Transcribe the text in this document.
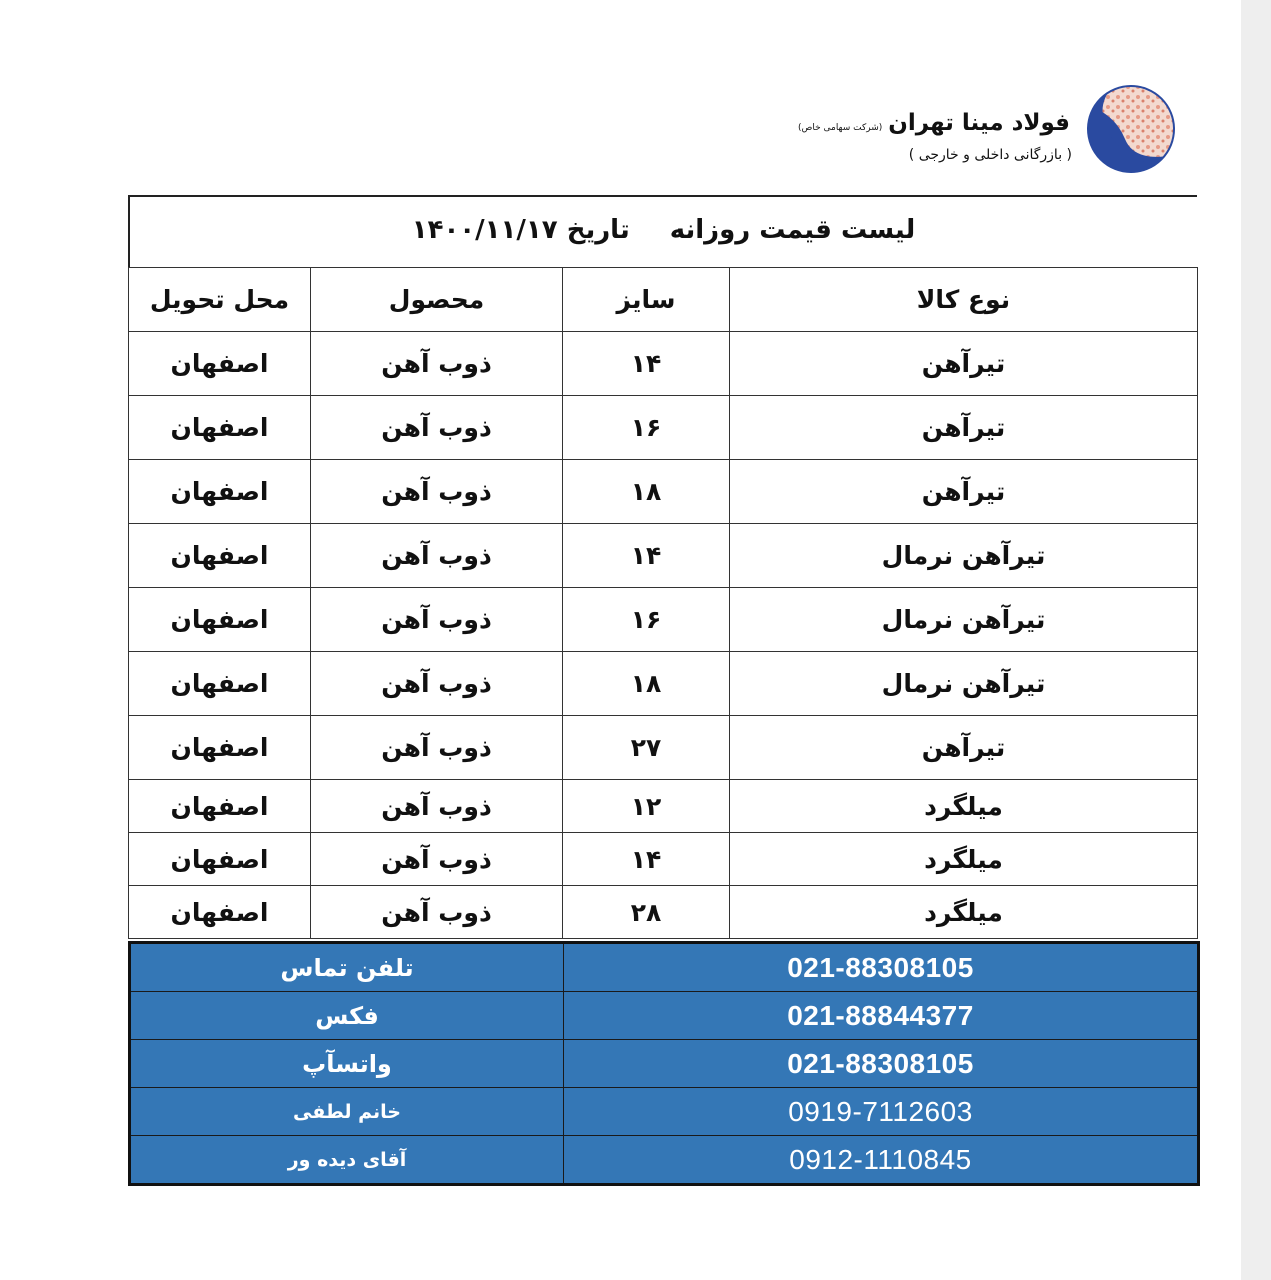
فولاد مینا تهران(شرکت سهامی خاص)
( بازرگانی داخلی و خارجی )
لیست قیمت روزانهتاریخ ۱۴۰۰/۱۱/۱۷
نوع کالا	سایز	محصول	محل تحویل
تیرآهن	۱۴	ذوب آهن	اصفهان
تیرآهن	۱۶	ذوب آهن	اصفهان
تیرآهن	۱۸	ذوب آهن	اصفهان
تیرآهن نرمال	۱۴	ذوب آهن	اصفهان
تیرآهن نرمال	۱۶	ذوب آهن	اصفهان
تیرآهن نرمال	۱۸	ذوب آهن	اصفهان
تیرآهن	۲۷	ذوب آهن	اصفهان
میلگرد	۱۲	ذوب آهن	اصفهان
میلگرد	۱۴	ذوب آهن	اصفهان
میلگرد	۲۸	ذوب آهن	اصفهان
021-88308105	تلفن تماس
021-88844377	فکس
021-88308105	واتسآپ
0919-7112603	خانم لطفی
0912-1110845	آقای دیده ور
